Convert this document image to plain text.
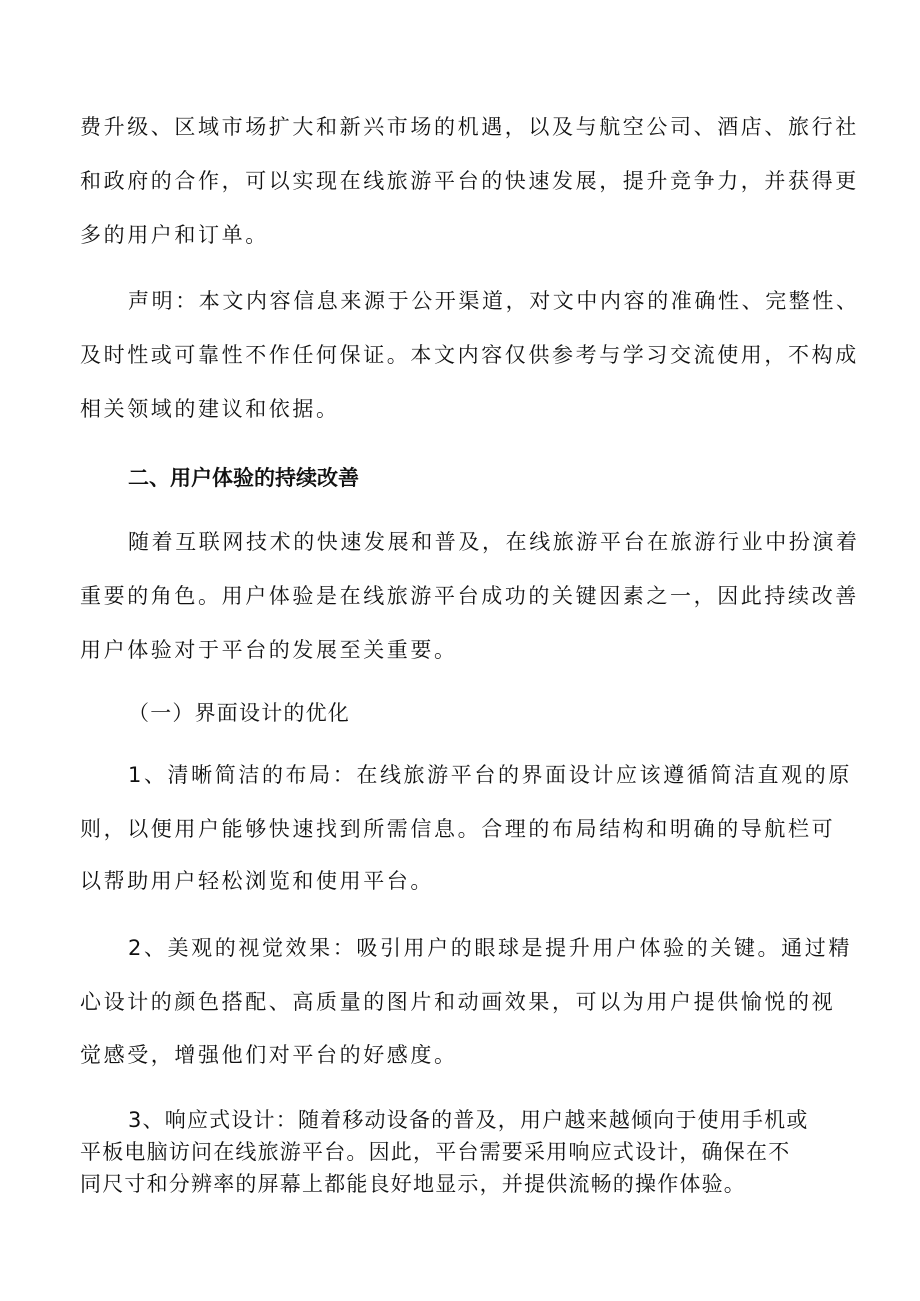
费升级、区域市场扩大和新兴市场的机遇，以及与航空公司、酒店、旅行社
和政府的合作，可以实现在线旅游平台的快速发展，提升竞争力，并获得更
多的用户和订单。
声明：本文内容信息来源于公开渠道，对文中内容的准确性、完整性、
及时性或可靠性不作任何保证。本文内容仅供参考与学习交流使用，不构成
相关领域的建议和依据。
二、用户体验的持续改善
随着互联网技术的快速发展和普及，在线旅游平台在旅游行业中扮演着
重要的角色。用户体验是在线旅游平台成功的关键因素之一，因此持续改善
用户体验对于平台的发展至关重要。
（一）界面设计的优化
1、清晰简洁的布局：在线旅游平台的界面设计应该遵循简洁直观的原
则，以便用户能够快速找到所需信息。合理的布局结构和明确的导航栏可
以帮助用户轻松浏览和使用平台。
2、美观的视觉效果：吸引用户的眼球是提升用户体验的关键。通过精
心设计的颜色搭配、高质量的图片和动画效果，可以为用户提供愉悦的视
觉感受，增强他们对平台的好感度。
3、响应式设计：随着移动设备的普及，用户越来越倾向于使用手机或
平板电脑访问在线旅游平台。因此，平台需要采用响应式设计，确保在不
同尺寸和分辨率的屏幕上都能良好地显示，并提供流畅的操作体验。
